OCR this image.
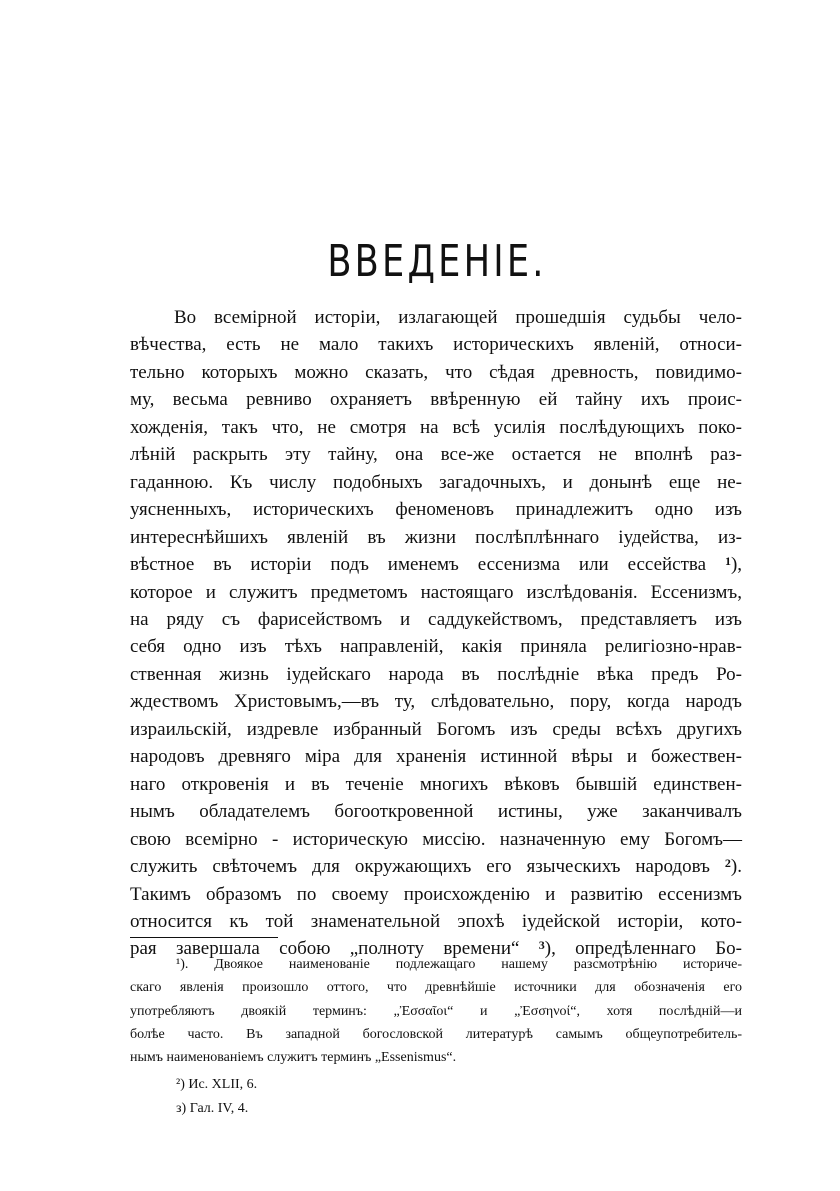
ВВЕДЕНІЕ.
Во всемірной исторіи, излагающей прошедшія судьбы чело-
вѣчества, есть не мало такихъ историческихъ явленій, относи-
тельно которыхъ можно сказать, что сѣдая древность, повидимо-
му, весьма ревниво охраняетъ ввѣренную ей тайну ихъ проис-
хожденія, такъ что, не смотря на всѣ усилія послѣдующихъ поко-
лѣній раскрыть эту тайну, она все-же остается не вполнѣ раз-
гаданною. Къ числу подобныхъ загадочныхъ, и донынѣ еще не-
уясненныхъ, историческихъ феноменовъ принадлежитъ одно изъ
интереснѣйшихъ явленій въ жизни послѣплѣннаго іудейства, из-
вѣстное въ исторіи подъ именемъ ессенизма или ессейства $^1$),
которое и служитъ предметомъ настоящаго изслѣдованія. Ессенизмъ,
на ряду съ фарисействомъ и саддукействомъ, представляетъ изъ
себя одно изъ тѣхъ направленій, какія приняла религіозно-нрав-
ственная жизнь іудейскаго народа въ послѣдніе вѣка предъ Ро-
ждествомъ Христовымъ,—въ ту, слѣдовательно, пору, когда народъ
израильскій, издревле избранный Богомъ изъ среды всѣхъ другихъ
народовъ древняго міра для храненія истинной вѣры и божествен-
наго откровенія и въ теченіе многихъ вѣковъ бывшій единствен-
нымъ обладателемъ богооткровенной истины, уже заканчивалъ
свою всемірно - историческую миссію. назначенную ему Богомъ—
служить свѣточемъ для окружающихъ его языческихъ народовъ $^2$).
Такимъ образомъ по своему происхожденію и развитію ессенизмъ
относится къ той знаменательной эпохѣ іудейской исторіи, кото-
рая завершала собою „полноту времени“ $^3$), опредѣленнаго Бо-
¹). Двоякое наименованіе подлежащаго нашему разсмотрѣнію историче-
скаго явленія произошло оттого, что древнѣйшіе источники для обозначенія его
употребляютъ двоякій терминъ: „Ἐσσαῖοι“ и „Ἐσσηνοί“, хотя послѣдній—и
болѣе часто. Въ западной богословской литературѣ самымъ общеупотребитель-
нымъ наименованіемъ служитъ терминъ „Essenismus“.
²) Ис. XLII, 6.
з) Гал. IV, 4.
